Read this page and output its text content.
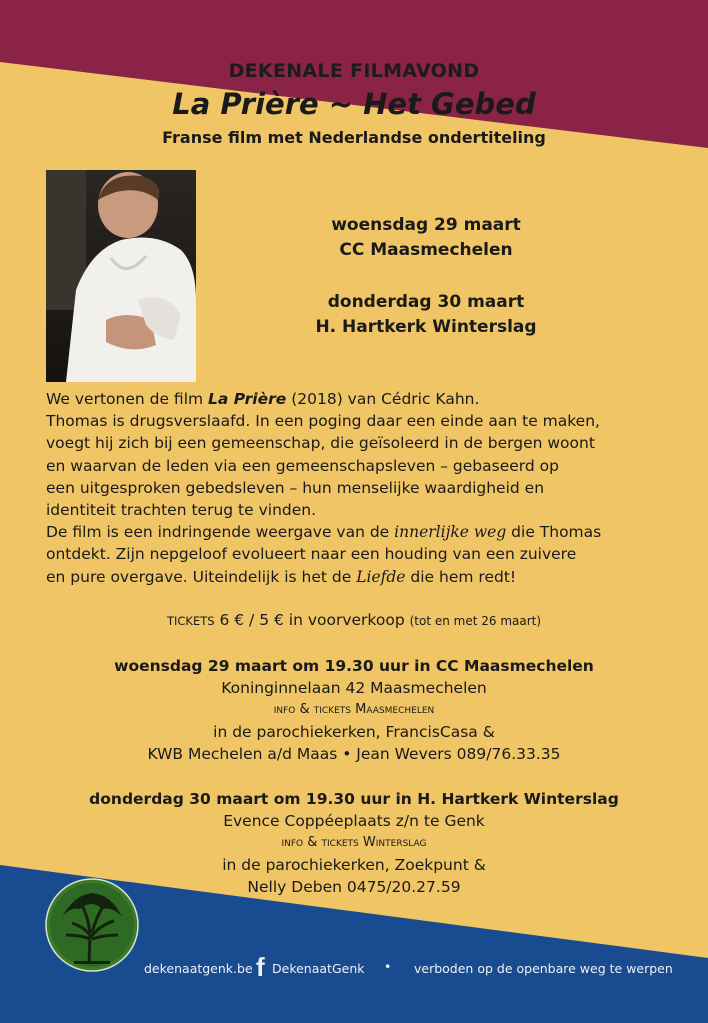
DEKENALE FILMAVOND
La Prière ~ Het Gebed
Franse film met Nederlandse ondertiteling
woensdag 29 maart
CC Maasmechelen
donderdag 30 maart
H. Hartkerk Winterslag
We vertonen de film La Prière (2018) van Cédric Kahn.
Thomas is drugsverslaafd. In een poging daar een einde aan te maken,
voegt hij zich bij een gemeenschap, die geïsoleerd in de bergen woont
en waarvan de leden via een gemeenschapsleven – gebaseerd op
een uitgesproken gebedsleven – hun menselijke waardigheid en
identiteit trachten terug te vinden.
De film is een indringende weergave van de innerlijke weg die Thomas
ontdekt. Zijn nepgeloof evolueert naar een houding van een zuivere
en pure overgave. Uiteindelijk is het de Liefde die hem redt!
TICKETS 6 € / 5 € in voorverkoop (tot en met 26 maart)
woensdag 29 maart om 19.30 uur in CC Maasmechelen
Koninginnelaan 42 Maasmechelen
info & tickets Maasmechelen
in de parochiekerken, FrancisCasa &
KWB Mechelen a/d Maas • Jean Wevers 089/76.33.35
donderdag 30 maart om 19.30 uur in H. Hartkerk Winterslag
Evence Coppéeplaats z/n te Genk
info & tickets Winterslag
in de parochiekerken, Zoekpunt &
Nelly Deben 0475/20.27.59
dekenaatgenk.be f DekenaatGenk • verboden op de openbare weg te werpen
